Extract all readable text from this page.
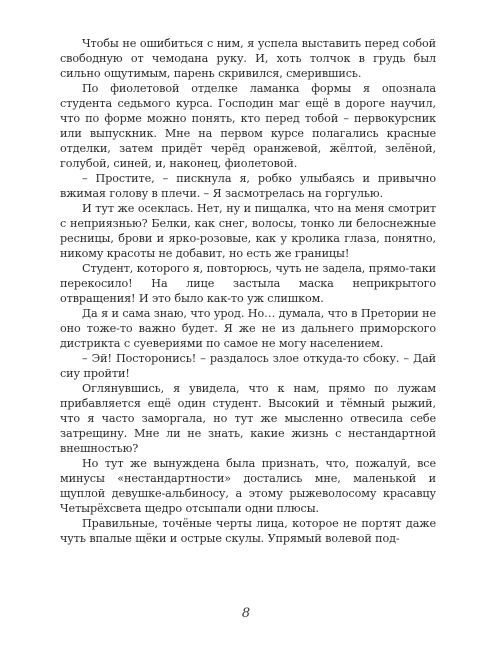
Чтобы не ошибиться с ним, я успела выставить перед собой свободную от чемодана руку. И, хоть толчок в грудь был сильно ощутимым, парень скривился, смерившись.

По фиолетовой отделке ламанка формы я опознала студента седьмого курса. Господин маг ещё в дороге научил, что по форме можно понять, кто перед тобой – первокурсник или выпускник. Мне на первом курсе полагались красные отделки, затем придёт черёд оранжевой, жёлтой, зелёной, голубой, синей, и, наконец, фиолетовой.

– Простите, – пискнула я, робко улыбаясь и привычно вжимая голову в плечи. – Я засмотрелась на горгулью.

И тут же осеклась. Нет, ну и пищалка, что на меня смотрит с неприязнью? Белки, как снег, волосы, тонко ли белоснежные ресницы, брови и ярко-розовые, как у кролика глаза, понятно, никому красоты не добавит, но есть же границы!

Студент, которого я, повторюсь, чуть не задела, прямо-таки перекосило! На лице застыла маска неприкрытого отвращения! И это было как-то уж слишком.

Да я и сама знаю, что урод. Но… думала, что в Претории не оно тоже-то важно будет. Я же не из дальнего приморского дистрикта с суевериями по самое не могу населением.

– Эй! Посторонись! – раздалось злое откуда-то сбоку. – Дай сиу пройти!

Оглянувшись, я увидела, что к нам, прямо по лужам прибавляется ещё один студент. Высокий и тёмный рыжий, что я часто заморгала, но тут же мысленно отвесила себе затрещину. Мне ли не знать, какие жизнь с нестандартной внешностью?

Но тут же вынуждена была признать, что, пожалуй, все минусы «нестандартности» достались мне, маленькой и щуплой девушке-альбиносу, а этому рыжеволосому красавцу Четырёхсвета щедро отсыпали одни плюсы.

Правильные, точёные черты лица, которое не портят даже чуть впалые щёки и острые скулы. Упрямый волевой под-

8
